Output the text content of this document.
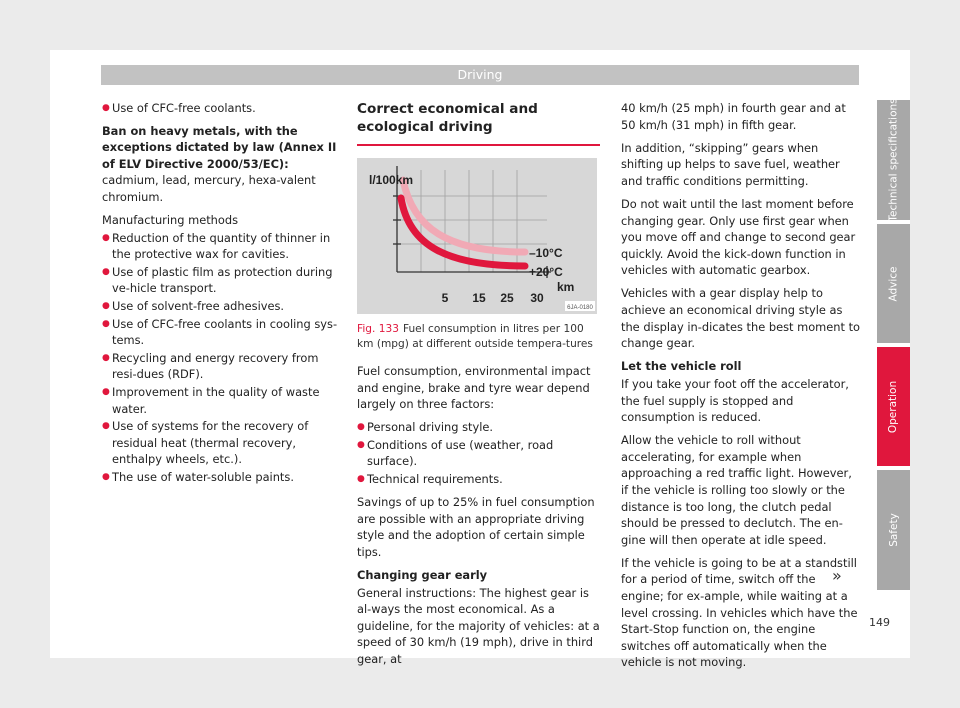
Driving

● Use of CFC-free coolants.

Ban on heavy metals, with the exceptions dictated by law (Annex II of ELV Directive 2000/53/EC): cadmium, lead, mercury, hexa-valent chromium.

Manufacturing methods

● Reduction of the quantity of thinner in the protective wax for cavities.

● Use of plastic film as protection during ve-hicle transport.

● Use of solvent-free adhesives.

● Use of CFC-free coolants in cooling sys-tems.

● Recycling and energy recovery from resi-dues (RDF).

● Improvement in the quality of waste water.

● Use of systems for the recovery of residual heat (thermal recovery, enthalpy wheels, etc.).

● The use of water-soluble paints.

Correct economical and ecological driving

l/100km
–10°C
+20°C
km
5 15 25 30
6JA-0180

Fig. 133 Fuel consumption in litres per 100 km (mpg) at different outside tempera-tures

Fuel consumption, environmental impact and engine, brake and tyre wear depend largely on three factors:

● Personal driving style.

● Conditions of use (weather, road surface).

● Technical requirements.

Savings of up to 25% in fuel consumption are possible with an appropriate driving style and the adoption of certain simple tips.

Changing gear early

General instructions: The highest gear is al-ways the most economical. As a guideline, for the majority of vehicles: at a speed of 30 km/h (19 mph), drive in third gear, at

40 km/h (25 mph) in fourth gear and at 50 km/h (31 mph) in fifth gear.

In addition, “skipping” gears when shifting up helps to save fuel, weather and traffic conditions permitting.

Do not wait until the last moment before changing gear. Only use first gear when you move off and change to second gear quickly. Avoid the kick-down function in vehicles with automatic gearbox.

Vehicles with a gear display help to achieve an economical driving style as the display in-dicates the best moment to change gear.

Let the vehicle roll

If you take your foot off the accelerator, the fuel supply is stopped and consumption is reduced.

Allow the vehicle to roll without accelerating, for example when approaching a red traffic light. However, if the vehicle is rolling too slowly or the distance is too long, the clutch pedal should be pressed to declutch. The en-gine will then operate at idle speed.

If the vehicle is going to be at a standstill for a period of time, switch off the engine; for ex-ample, while waiting at a level crossing. In vehicles which have the Start-Stop function on, the engine switches off automatically when the vehicle is not moving.

»
Technical specifications
Advice
Operation
Safety
149
